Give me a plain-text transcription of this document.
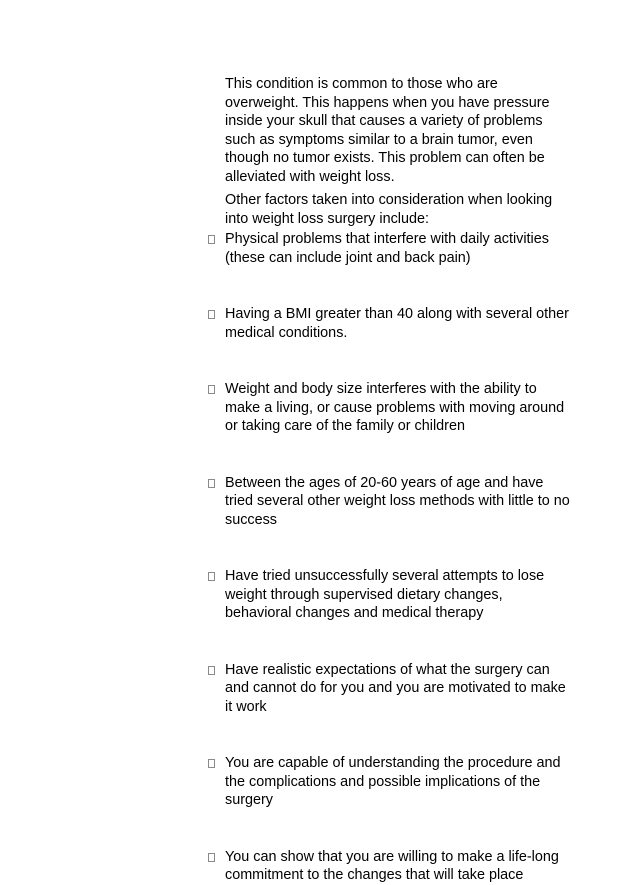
This condition is common to those who are overweight. This happens when you have pressure inside your skull that causes a variety of problems such as symptoms similar to a brain tumor, even though no tumor exists. This problem can often be alleviated with weight loss.

Other factors taken into consideration when looking into weight loss surgery include:

Physical problems that interfere with daily activities (these can include joint and back pain)
Having a BMI greater than 40 along with several other medical conditions.
Weight and body size interferes with the ability to make a living, or cause problems with moving around or taking care of the family or children
Between the ages of 20-60 years of age and have tried several other weight loss methods with little to no success
Have tried unsuccessfully several attempts to lose weight through supervised dietary changes, behavioral changes and medical therapy
Have realistic expectations of what the surgery can and cannot do for you and you are motivated to make it work
You are capable of understanding the procedure and the complications and possible implications of the surgery
You can show that you are willing to make a life-long commitment to the changes that will take place
